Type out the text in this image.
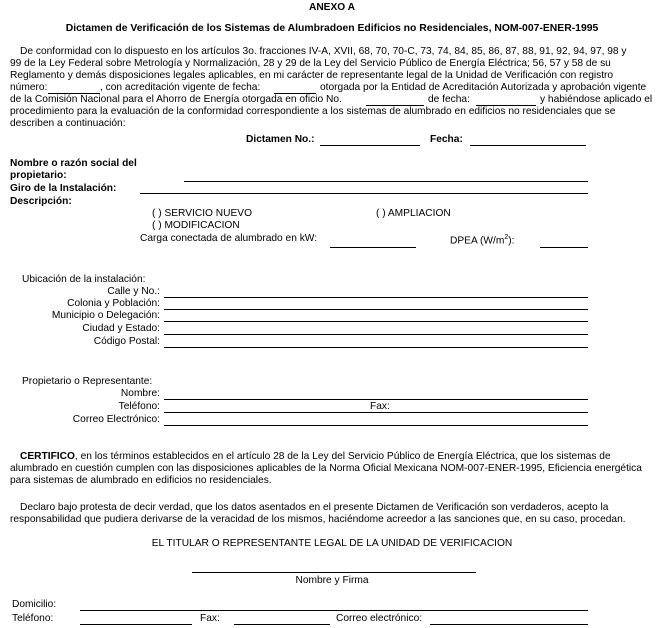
ANEXO A
Dictamen de Verificación de los Sistemas de Alumbradoen Edificios no Residenciales, NOM-007-ENER-1995
De conformidad con lo dispuesto en los artículos 3o. fracciones IV-A, XVII, 68, 70, 70-C, 73, 74, 84, 85, 86, 87, 88, 91, 92, 94, 97, 98 y
99 de la Ley Federal sobre Metrología y Normalización, 28 y 29 de la Ley del Servicio Público de Energía Eléctrica; 56, 57 y 58 de su
Reglamento y demás disposiciones legales aplicables, en mi carácter de representante legal de la Unidad de Verificación con registro
número:	, con acreditación vigente de fecha:	otorgada por la Entidad de Acreditación Autorizada y aprobación vigente
de la Comisión Nacional para el Ahorro de Energía otorgada en oficio No.	de fecha:	y habiéndose aplicado el
procedimiento para la evaluación de la conformidad correspondiente a los sistemas de alumbrado en edificios no residenciales que se
describen a continuación:
Dictamen No.:	Fecha:
Nombre o razón social del
propietario:
Giro de la Instalación:
Descripción:
( ) SERVICIO NUEVO	( ) AMPLIACION
( ) MODIFICACION
Carga conectada de alumbrado en kW:	DPEA $(W/m^2)$:
Ubicación de la instalación:
Calle y No.:
Colonia y Población:
Municipio o Delegación:
Ciudad y Estado:
Código Postal:
Propietario o Representante:
Nombre:
Teléfono:	Fax:
Correo Electrónico:
CERTIFICO, en los términos establecidos en el artículo 28 de la Ley del Servicio Público de Energía Eléctrica, que los sistemas de
alumbrado en cuestión cumplen con las disposiciones aplicables de la Norma Oficial Mexicana NOM-007-ENER-1995, Eficiencia energética
para sistemas de alumbrado en edificios no residenciales.
Declaro bajo protesta de decir verdad, que los datos asentados en el presente Dictamen de Verificación son verdaderos, acepto la
responsabilidad que pudiera derivarse de la veracidad de los mismos, haciéndome acreedor a las sanciones que, en su caso, procedan.
EL TITULAR O REPRESENTANTE LEGAL DE LA UNIDAD DE VERIFICACION
Nombre y Firma
Domicilio:
Teléfono:	Fax:	Correo electrónico:
